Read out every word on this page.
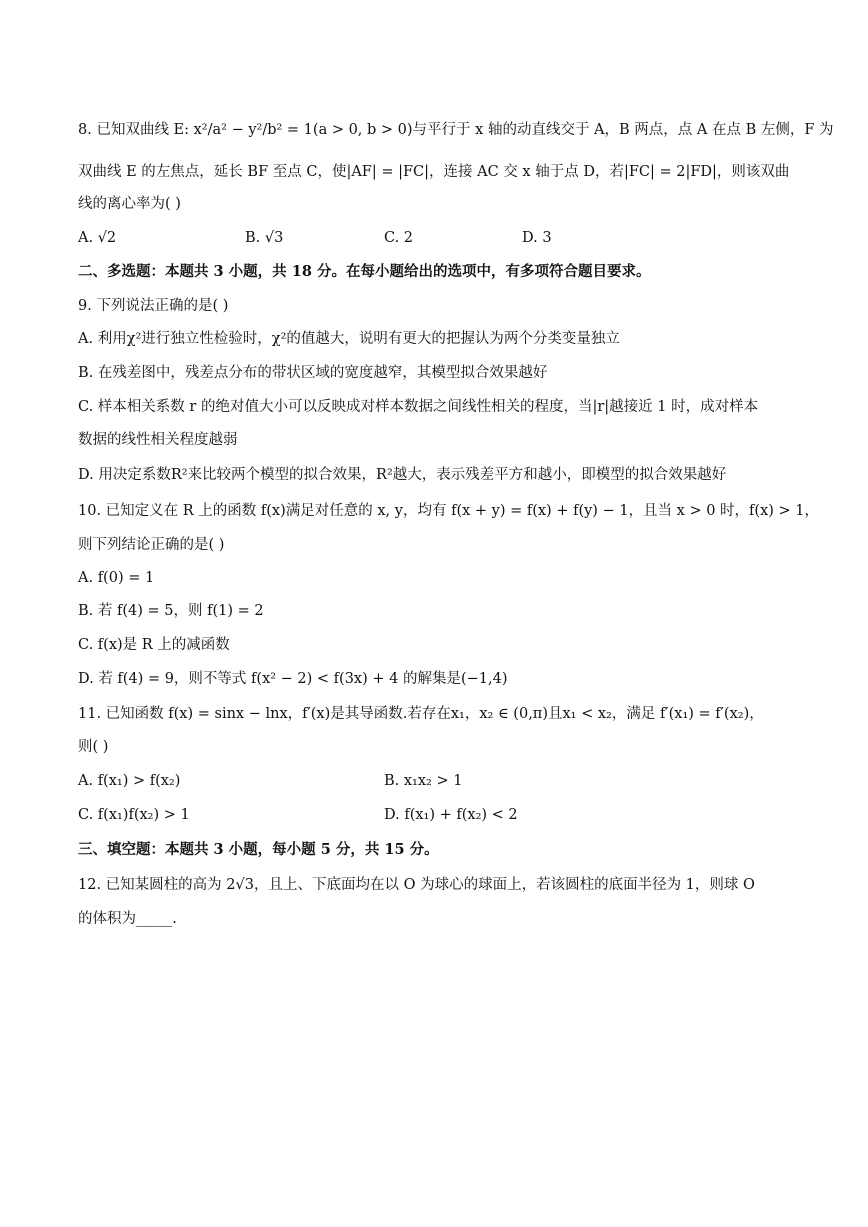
8. 已知双曲线 E: x²/a² − y²/b² = 1(a > 0, b > 0)与平行于 x 轴的动直线交于 A，B 两点，点 A 在点 B 左侧，F 为
双曲线 E 的左焦点，延长 BF 至点 C，使|AF| = |FC|，连接 AC 交 x 轴于点 D，若|FC| = 2|FD|，则该双曲
线的离心率为( )
A. √2	B. √3	C. 2	D. 3
二、多选题：本题共 3 小题，共 18 分。在每小题给出的选项中，有多项符合题目要求。
9. 下列说法正确的是( )
A. 利用χ²进行独立性检验时，χ²的值越大，说明有更大的把握认为两个分类变量独立
B. 在残差图中，残差点分布的带状区域的宽度越窄，其模型拟合效果越好
C. 样本相关系数 r 的绝对值大小可以反映成对样本数据之间线性相关的程度，当|r|越接近 1 时，成对样本
数据的线性相关程度越弱
D. 用决定系数R²来比较两个模型的拟合效果，R²越大，表示残差平方和越小，即模型的拟合效果越好
10. 已知定义在 R 上的函数 f(x)满足对任意的 x, y，均有 f(x + y) = f(x) + f(y) − 1，且当 x > 0 时，f(x) > 1，
则下列结论正确的是( )
A. f(0) = 1
B. 若 f(4) = 5，则 f(1) = 2
C. f(x)是 R 上的减函数
D. 若 f(4) = 9，则不等式 f(x² − 2) < f(3x) + 4 的解集是(−1,4)
11. 已知函数 f(x) = sinx − lnx，f′(x)是其导函数.若存在x₁，x₂ ∈ (0,π)且x₁ < x₂，满足 f′(x₁) = f′(x₂)，
则( )
A. f(x₁) > f(x₂)	B. x₁x₂ > 1
C. f(x₁)f(x₂) > 1	D. f(x₁) + f(x₂) < 2
三、填空题：本题共 3 小题，每小题 5 分，共 15 分。
12. 已知某圆柱的高为 2√3，且上、下底面均在以 O 为球心的球面上，若该圆柱的底面半径为 1，则球 O
的体积为_____.
